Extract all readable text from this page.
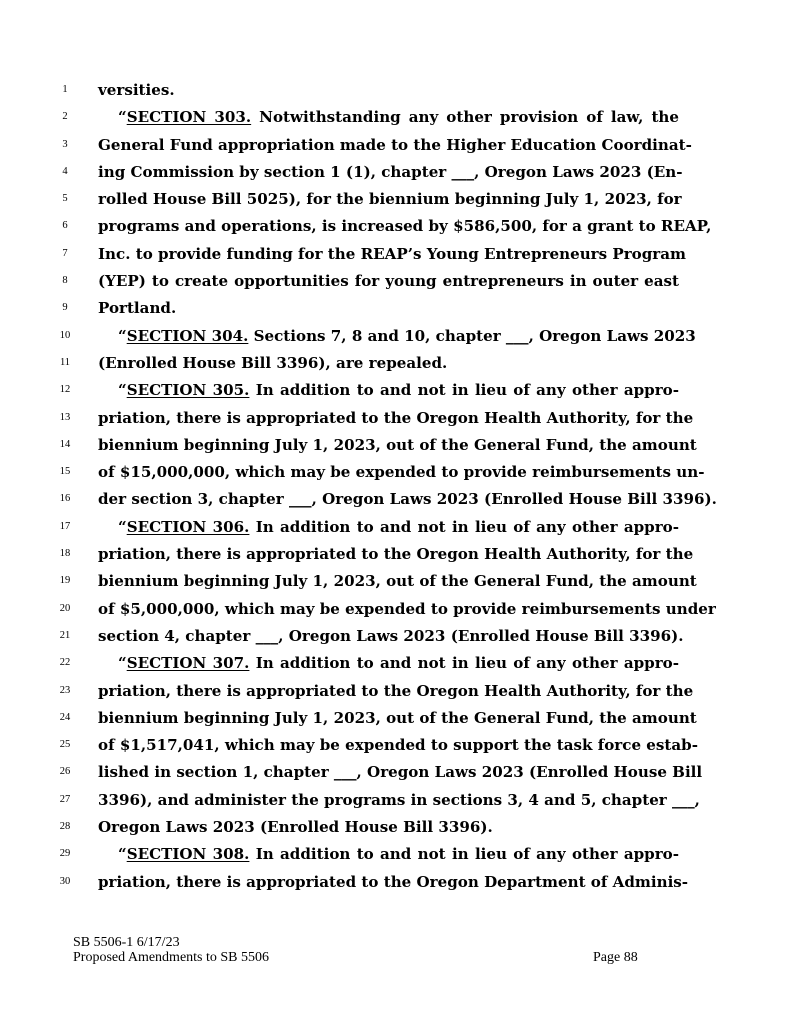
1	versities.
2	“SECTION 303. Notwithstanding any other provision of law, the
3	General Fund appropriation made to the Higher Education Coordinat-
4	ing Commission by section 1 (1), chapter ___, Oregon Laws 2023 (En-
5	rolled House Bill 5025), for the biennium beginning July 1, 2023, for
6	programs and operations, is increased by $586,500, for a grant to REAP,
7	Inc. to provide funding for the REAP’s Young Entrepreneurs Program
8	(YEP) to create opportunities for young entrepreneurs in outer east
9	Portland.
10	“SECTION 304. Sections 7, 8 and 10, chapter ___, Oregon Laws 2023
11	(Enrolled House Bill 3396), are repealed.
12	“SECTION 305. In addition to and not in lieu of any other appro-
13	priation, there is appropriated to the Oregon Health Authority, for the
14	biennium beginning July 1, 2023, out of the General Fund, the amount
15	of $15,000,000, which may be expended to provide reimbursements un-
16	der section 3, chapter ___, Oregon Laws 2023 (Enrolled House Bill 3396).
17	“SECTION 306. In addition to and not in lieu of any other appro-
18	priation, there is appropriated to the Oregon Health Authority, for the
19	biennium beginning July 1, 2023, out of the General Fund, the amount
20	of $5,000,000, which may be expended to provide reimbursements under
21	section 4, chapter ___, Oregon Laws 2023 (Enrolled House Bill 3396).
22	“SECTION 307. In addition to and not in lieu of any other appro-
23	priation, there is appropriated to the Oregon Health Authority, for the
24	biennium beginning July 1, 2023, out of the General Fund, the amount
25	of $1,517,041, which may be expended to support the task force estab-
26	lished in section 1, chapter ___, Oregon Laws 2023 (Enrolled House Bill
27	3396), and administer the programs in sections 3, 4 and 5, chapter ___,
28	Oregon Laws 2023 (Enrolled House Bill 3396).
29	“SECTION 308. In addition to and not in lieu of any other appro-
30	priation, there is appropriated to the Oregon Department of Adminis-
SB 5506-1 6/17/23
Proposed Amendments to SB 5506	Page 88
